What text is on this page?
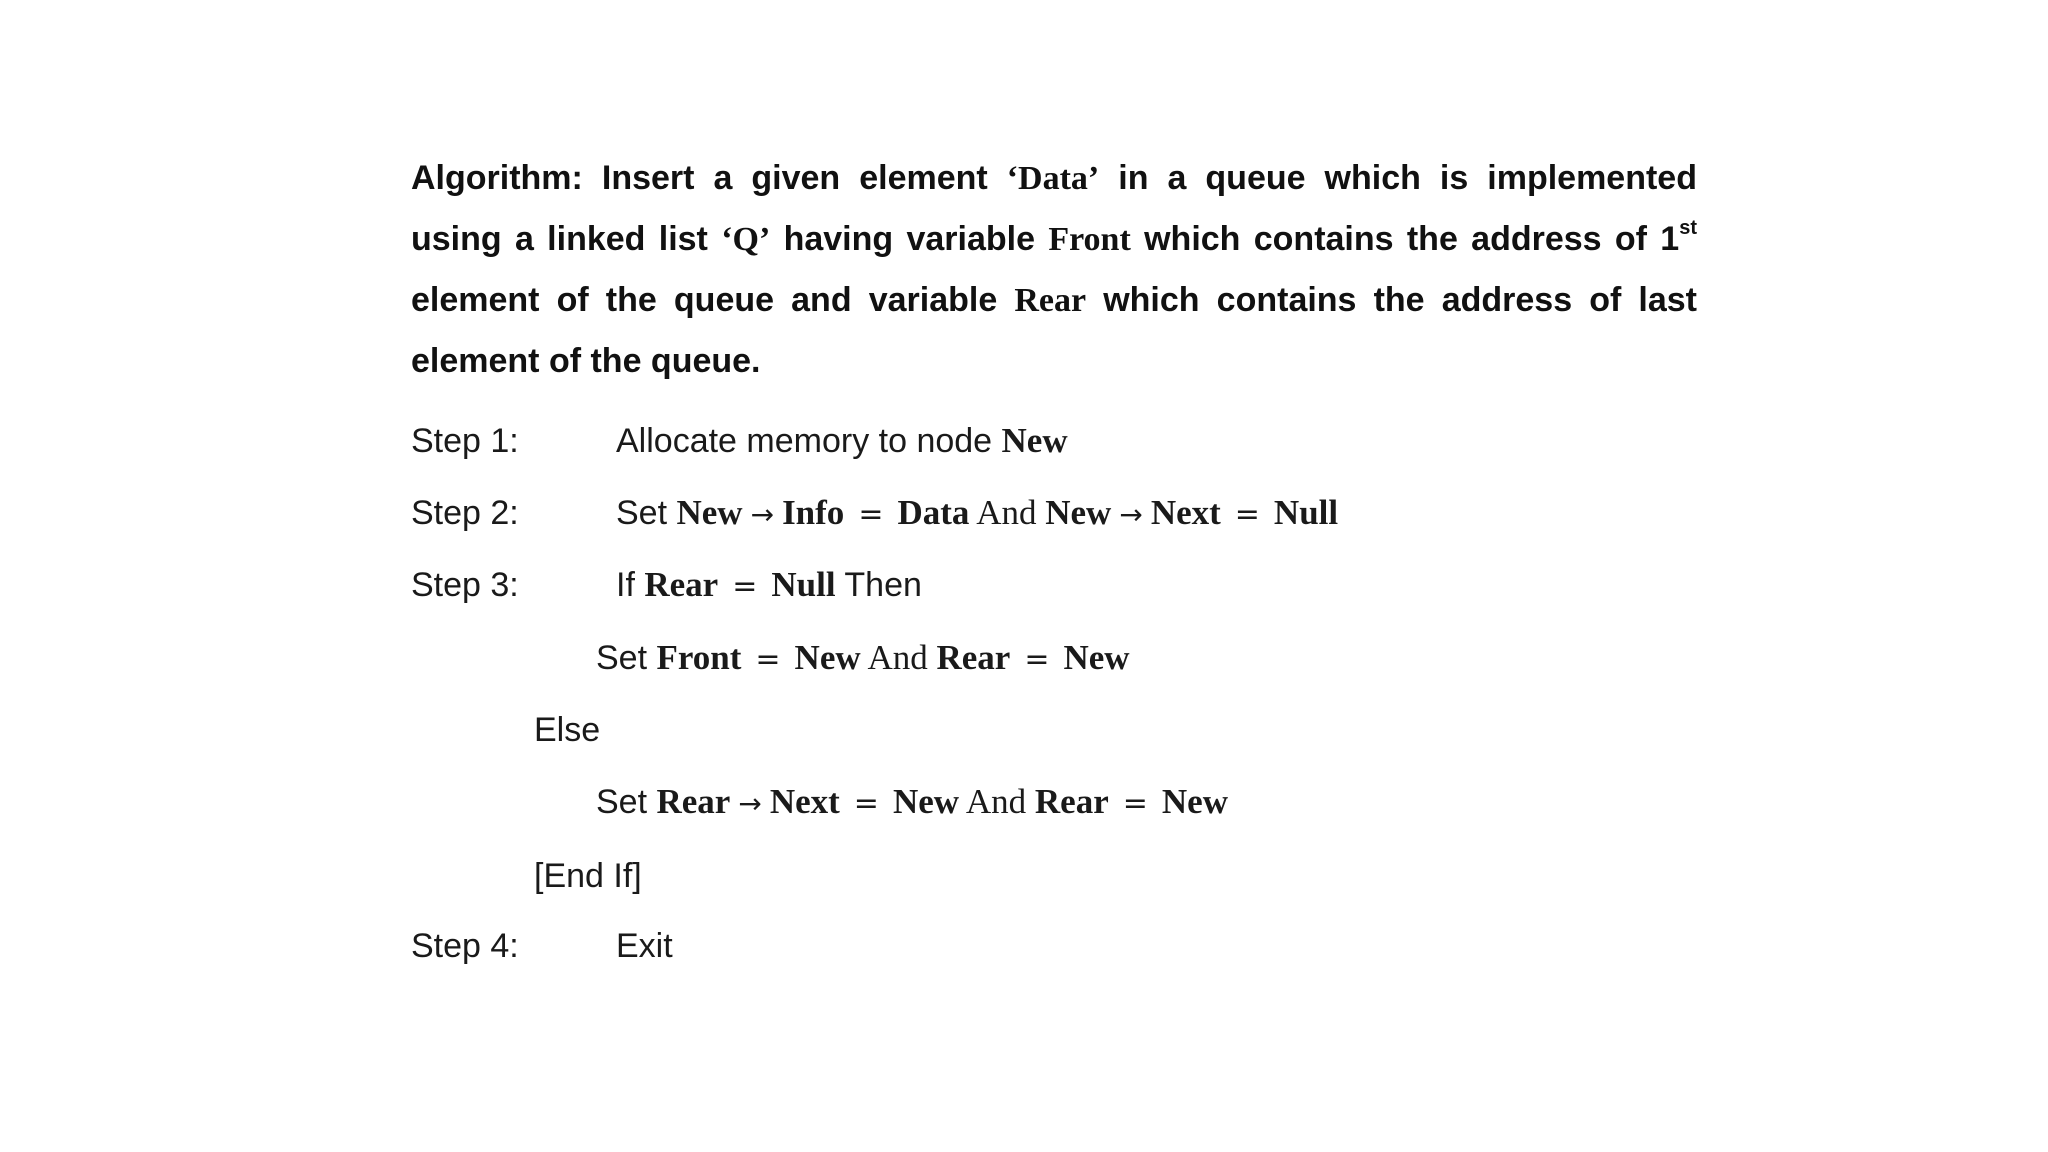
Algorithm: Insert a given element ‘Data’ in a queue which is implemented
using a linked list ‘Q’ having variable Front which contains the address of 1st
element of the queue and variable Rear which contains the address of last
element of the queue.
Step 1:	Allocate memory to node New
Step 2:	Set New → Info = Data And New → Next = Null
Step 3:	If Rear = Null Then
Set Front = New And Rear = New
Else
Set Rear → Next = New And Rear = New
[End If]
Step 4:	Exit
